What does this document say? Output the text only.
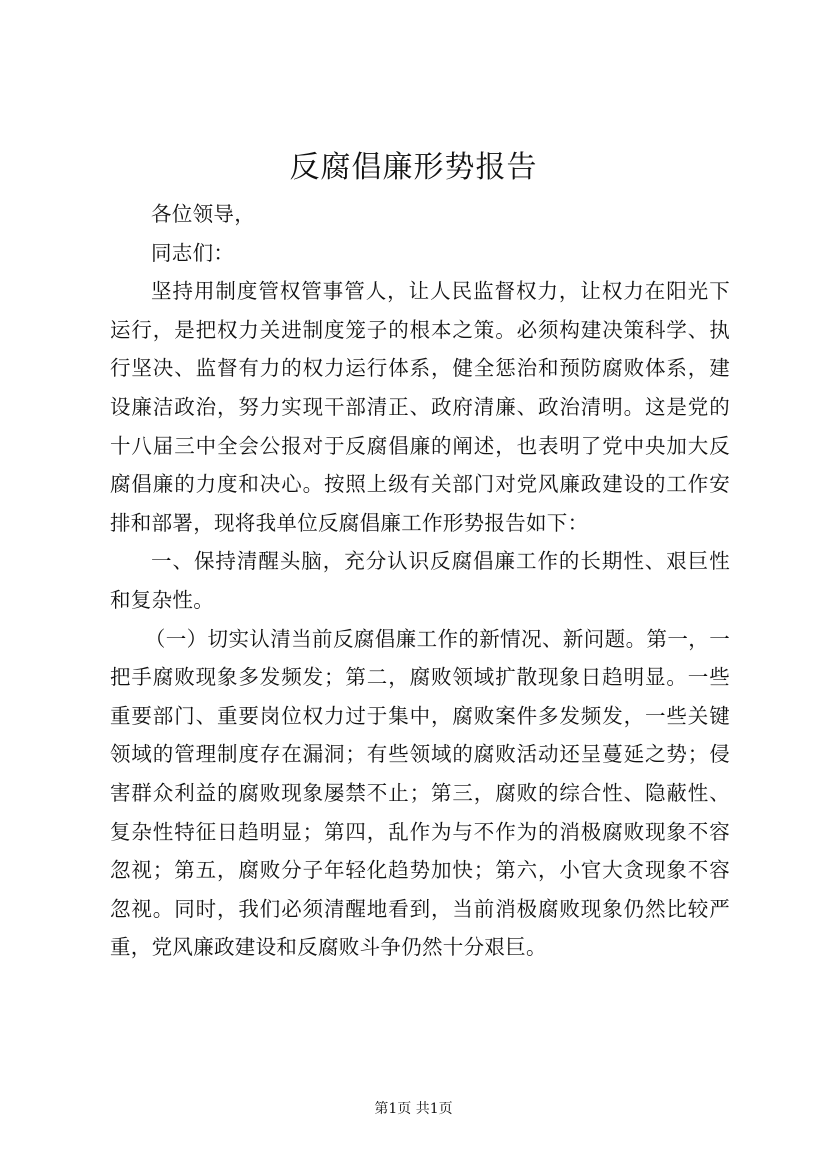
反腐倡廉形势报告

各位领导，

同志们：

坚持用制度管权管事管人，让人民监督权力，让权力在阳光下运行，是把权力关进制度笼子的根本之策。必须构建决策科学、执行坚决、监督有力的权力运行体系，健全惩治和预防腐败体系，建设廉洁政治，努力实现干部清正、政府清廉、政治清明。这是党的十八届三中全会公报对于反腐倡廉的阐述，也表明了党中央加大反腐倡廉的力度和决心。按照上级有关部门对党风廉政建设的工作安排和部署，现将我单位反腐倡廉工作形势报告如下：

一、保持清醒头脑，充分认识反腐倡廉工作的长期性、艰巨性和复杂性。

（一）切实认清当前反腐倡廉工作的新情况、新问题。第一，一把手腐败现象多发频发；第二，腐败领域扩散现象日趋明显。一些重要部门、重要岗位权力过于集中，腐败案件多发频发，一些关键领域的管理制度存在漏洞；有些领域的腐败活动还呈蔓延之势；侵害群众利益的腐败现象屡禁不止；第三，腐败的综合性、隐蔽性、复杂性特征日趋明显；第四，乱作为与不作为的消极腐败现象不容忽视；第五，腐败分子年轻化趋势加快；第六，小官大贪现象不容忽视。同时，我们必须清醒地看到，当前消极腐败现象仍然比较严重，党风廉政建设和反腐败斗争仍然十分艰巨。

第1页 共1页
